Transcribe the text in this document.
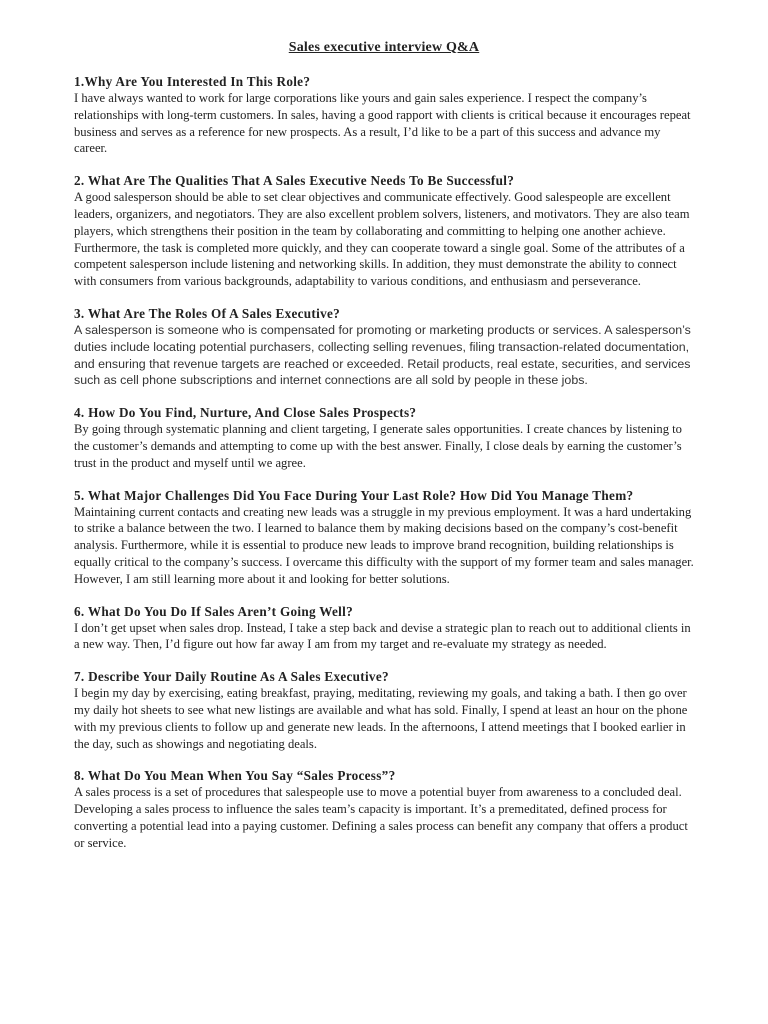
Sales executive interview Q&A

1.Why Are You Interested In This Role?

I have always wanted to work for large corporations like yours and gain sales experience. I respect the company’s relationships with long-term customers. In sales, having a good rapport with clients is critical because it encourages repeat business and serves as a reference for new prospects. As a result, I’d like to be a part of this success and advance my career.

2. What Are The Qualities That A Sales Executive Needs To Be Successful?

A good salesperson should be able to set clear objectives and communicate effectively. Good salespeople are excellent leaders, organizers, and negotiators. They are also excellent problem solvers, listeners, and motivators. They are also team players, which strengthens their position in the team by collaborating and committing to helping one another achieve. Furthermore, the task is completed more quickly, and they can cooperate toward a single goal. Some of the attributes of a competent salesperson include listening and networking skills. In addition, they must demonstrate the ability to connect with consumers from various backgrounds, adaptability to various conditions, and enthusiasm and perseverance.

3. What Are The Roles Of A Sales Executive?

A salesperson is someone who is compensated for promoting or marketing products or services. A salesperson’s duties include locating potential purchasers, collecting selling revenues, filing transaction-related documentation, and ensuring that revenue targets are reached or exceeded. Retail products, real estate, securities, and services such as cell phone subscriptions and internet connections are all sold by people in these jobs.

4. How Do You Find, Nurture, And Close Sales Prospects?

By going through systematic planning and client targeting, I generate sales opportunities. I create chances by listening to the customer’s demands and attempting to come up with the best answer. Finally, I close deals by earning the customer’s trust in the product and myself until we agree.

5. What Major Challenges Did You Face During Your Last Role? How Did You Manage Them?

Maintaining current contacts and creating new leads was a struggle in my previous employment. It was a hard undertaking to strike a balance between the two. I learned to balance them by making decisions based on the company’s cost-benefit analysis. Furthermore, while it is essential to produce new leads to improve brand recognition, building relationships is equally critical to the company’s success. I overcame this difficulty with the support of my former team and sales manager. However, I am still learning more about it and looking for better solutions.

6. What Do You Do If Sales Aren’t Going Well?

I don’t get upset when sales drop. Instead, I take a step back and devise a strategic plan to reach out to additional clients in a new way. Then, I’d figure out how far away I am from my target and re-evaluate my strategy as needed.

7. Describe Your Daily Routine As A Sales Executive?

I begin my day by exercising, eating breakfast, praying, meditating, reviewing my goals, and taking a bath. I then go over my daily hot sheets to see what new listings are available and what has sold. Finally, I spend at least an hour on the phone with my previous clients to follow up and generate new leads. In the afternoons, I attend meetings that I booked earlier in the day, such as showings and negotiating deals.

8. What Do You Mean When You Say “Sales Process”?

A sales process is a set of procedures that salespeople use to move a potential buyer from awareness to a concluded deal. Developing a sales process to influence the sales team’s capacity is important. It’s a premeditated, defined process for converting a potential lead into a paying customer. Defining a sales process can benefit any company that offers a product or service.
